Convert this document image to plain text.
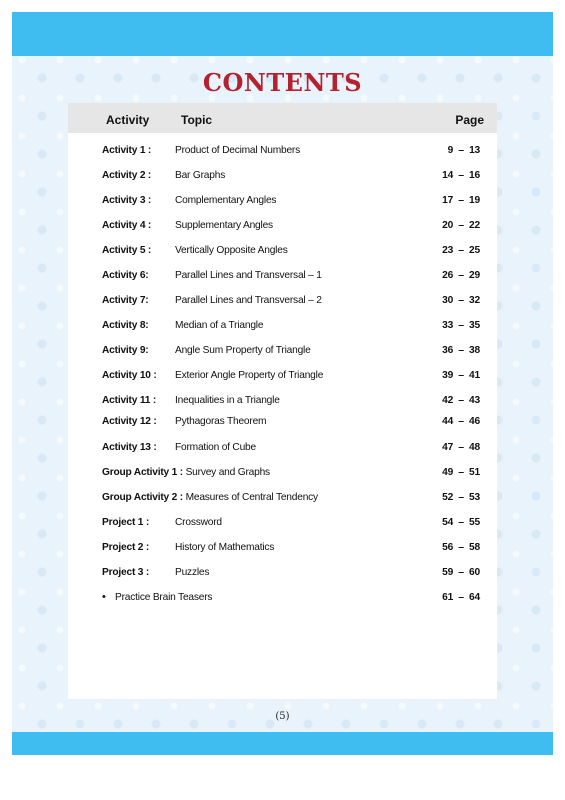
CONTENTS
Activity	Topic	Page
Activity 1 : Product of Decimal Numbers	9  –  13
Activity 2 : Bar Graphs	14  –  16
Activity 3 : Complementary Angles	17  –  19
Activity 4 : Supplementary Angles	20  –  22
Activity 5 : Vertically Opposite Angles	23  –  25
Activity 6:	Parallel Lines and Transversal – 1	26  –  29
Activity 7:	Parallel Lines and Transversal – 2	30  –  32
Activity 8:	Median of a Triangle	33  –  35
Activity 9:	Angle Sum Property of Triangle	36  –  38
Activity 10 : Exterior Angle Property of Triangle	39  –  41
Activity 11 : Inequalities in a Triangle	42  –  43
Activity 12 : Pythagoras Theorem	44  –  46
Activity 13 : Formation of Cube	47  –  48
Group Activity 1 : Survey and Graphs	49  –  51
Group Activity 2 : Measures of Central Tendency	52  –  53
Project 1 :	Crossword	54  –  55
Project 2 :	History of Mathematics	56  –  58
Project 3 :	Puzzles	59  –  60
• Practice Brain Teasers	61  –  64
(5)
